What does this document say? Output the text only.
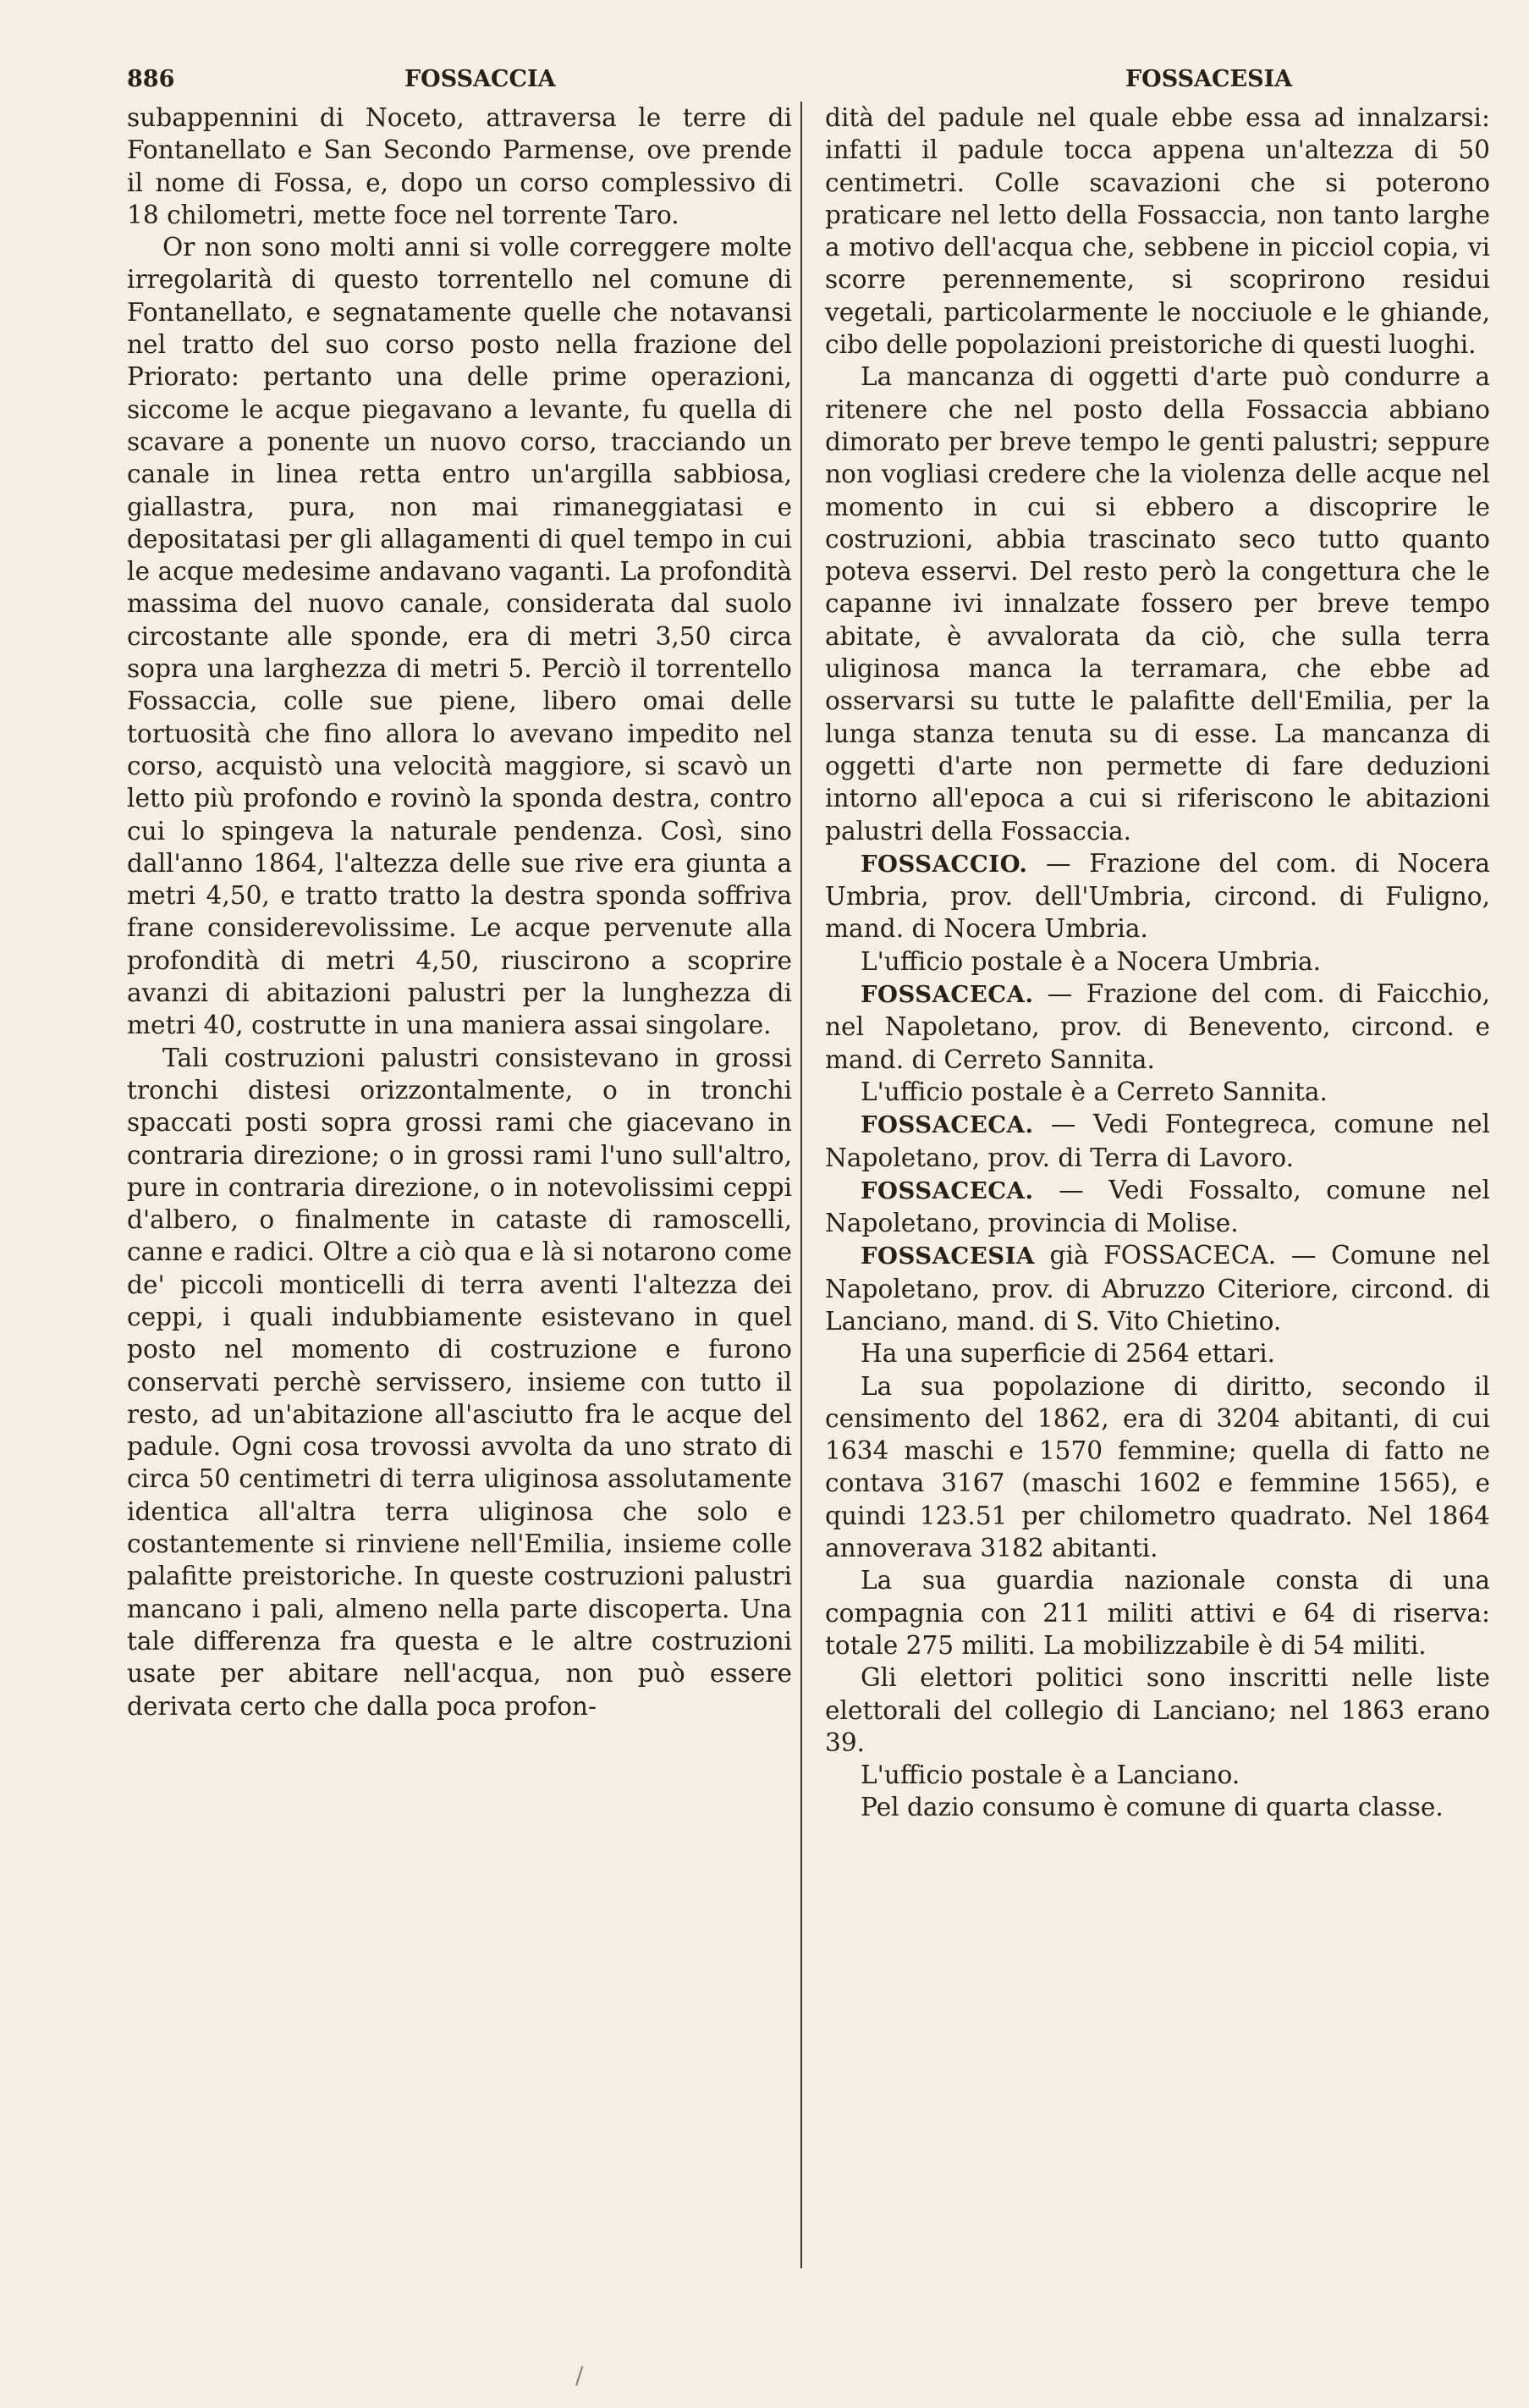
886	FOSSACCIA	FOSSACESIA

subappennini di Noceto, attraversa le terre di Fontanellato e San Secondo Parmense, ove prende il nome di Fossa, e, dopo un corso complessivo di 18 chilometri, mette foce nel torrente Taro.

Or non sono molti anni si volle correggere molte irregolarità di questo torrentello nel comune di Fontanellato, e segnatamente quelle che notavansi nel tratto del suo corso posto nella frazione del Priorato: pertanto una delle prime operazioni, siccome le acque piegavano a levante, fu quella di scavare a ponente un nuovo corso, tracciando un canale in linea retta entro un'argilla sabbiosa, giallastra, pura, non mai rimaneggiatasi e depositatasi per gli allagamenti di quel tempo in cui le acque medesime andavano vaganti. La profondità massima del nuovo canale, considerata dal suolo circostante alle sponde, era di metri 3,50 circa sopra una larghezza di metri 5. Perciò il torrentello Fossaccia, colle sue piene, libero omai delle tortuosità che fino allora lo avevano impedito nel corso, acquistò una velocità maggiore, si scavò un letto più profondo e rovinò la sponda destra, contro cui lo spingeva la naturale pendenza. Così, sino dall'anno 1864, l'altezza delle sue rive era giunta a metri 4,50, e tratto tratto la destra sponda soffriva frane considerevolissime. Le acque pervenute alla profondità di metri 4,50, riuscirono a scoprire avanzi di abitazioni palustri per la lunghezza di metri 40, costrutte in una maniera assai singolare.

Tali costruzioni palustri consistevano in grossi tronchi distesi orizzontalmente, o in tronchi spaccati posti sopra grossi rami che giacevano in contraria direzione; o in grossi rami l'uno sull'altro, pure in contraria direzione, o in notevolissimi ceppi d'albero, o finalmente in cataste di ramoscelli, canne e radici. Oltre a ciò qua e là si notarono come de' piccoli monticelli di terra aventi l'altezza dei ceppi, i quali indubbiamente esistevano in quel posto nel momento di costruzione e furono conservati perchè servissero, insieme con tutto il resto, ad un'abitazione all'asciutto fra le acque del padule. Ogni cosa trovossi avvolta da uno strato di circa 50 centimetri di terra uliginosa assolutamente identica all'altra terra uliginosa che solo e costantemente si rinviene nell'Emilia, insieme colle palafitte preistoriche. In queste costruzioni palustri mancano i pali, almeno nella parte discoperta. Una tale differenza fra questa e le altre costruzioni usate per abitare nell'acqua, non può essere derivata certo che dalla poca profon-

dità del padule nel quale ebbe essa ad innalzarsi: infatti il padule tocca appena un'altezza di 50 centimetri. Colle scavazioni che si poterono praticare nel letto della Fossaccia, non tanto larghe a motivo dell'acqua che, sebbene in picciol copia, vi scorre perennemente, si scoprirono residui vegetali, particolarmente le nocciuole e le ghiande, cibo delle popolazioni preistoriche di questi luoghi.

La mancanza di oggetti d'arte può condurre a ritenere che nel posto della Fossaccia abbiano dimorato per breve tempo le genti palustri; seppure non vogliasi credere che la violenza delle acque nel momento in cui si ebbero a discoprire le costruzioni, abbia trascinato seco tutto quanto poteva esservi. Del resto però la congettura che le capanne ivi innalzate fossero per breve tempo abitate, è avvalorata da ciò, che sulla terra uliginosa manca la terramara, che ebbe ad osservarsi su tutte le palafitte dell'Emilia, per la lunga stanza tenuta su di esse. La mancanza di oggetti d'arte non permette di fare deduzioni intorno all'epoca a cui si riferiscono le abitazioni palustri della Fossaccia.

FOSSACCIO. — Frazione del com. di Nocera Umbria, prov. dell'Umbria, circond. di Fuligno, mand. di Nocera Umbria.

L'ufficio postale è a Nocera Umbria.

FOSSACECA. — Frazione del com. di Faicchio, nel Napoletano, prov. di Benevento, circond. e mand. di Cerreto Sannita.

L'ufficio postale è a Cerreto Sannita.

FOSSACECA. — Vedi Fontegreca, comune nel Napoletano, prov. di Terra di Lavoro.

FOSSACECA. — Vedi Fossalto, comune nel Napoletano, provincia di Molise.

FOSSACESIA già FOSSACECA. — Comune nel Napoletano, prov. di Abruzzo Citeriore, circond. di Lanciano, mand. di S. Vito Chietino.

Ha una superficie di 2564 ettari.

La sua popolazione di diritto, secondo il censimento del 1862, era di 3204 abitanti, di cui 1634 maschi e 1570 femmine; quella di fatto ne contava 3167 (maschi 1602 e femmine 1565), e quindi 123.51 per chilometro quadrato. Nel 1864 annoverava 3182 abitanti.

La sua guardia nazionale consta di una compagnia con 211 militi attivi e 64 di riserva: totale 275 militi. La mobilizzabile è di 54 militi.

Gli elettori politici sono inscritti nelle liste elettorali del collegio di Lanciano; nel 1863 erano 39.

L'ufficio postale è a Lanciano.

Pel dazio consumo è comune di quarta classe.

/
